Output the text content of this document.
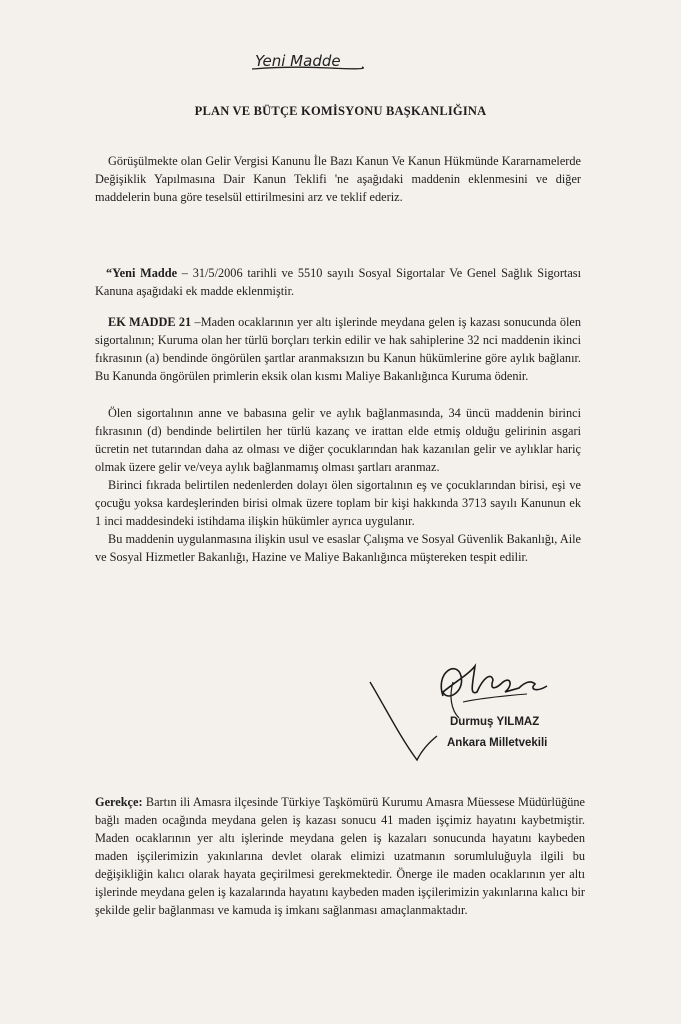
Yeni Madde
PLAN VE BÜTÇE KOMİSYONU BAŞKANLIĞINA

Görüşülmekte olan Gelir Vergisi Kanunu İle Bazı Kanun Ve Kanun Hükmünde Kararnamelerde Değişiklik Yapılmasına Dair Kanun Teklifi 'ne aşağıdaki maddenin eklenmesini ve diğer maddelerin buna göre teselsül ettirilmesini arz ve teklif ederiz.

“Yeni Madde – 31/5/2006 tarihli ve 5510 sayılı Sosyal Sigortalar Ve Genel Sağlık Sigortası Kanuna aşağıdaki ek madde eklenmiştir.

EK MADDE 21 –Maden ocaklarının yer altı işlerinde meydana gelen iş kazası sonucunda ölen sigortalının; Kuruma olan her türlü borçları terkin edilir ve hak sahiplerine 32 nci maddenin ikinci fıkrasının (a) bendinde öngörülen şartlar aranmaksızın bu Kanun hükümlerine göre aylık bağlanır. Bu Kanunda öngörülen primlerin eksik olan kısmı Maliye Bakanlığınca Kuruma ödenir.

Ölen sigortalının anne ve babasına gelir ve aylık bağlanmasında, 34 üncü maddenin birinci fıkrasının (d) bendinde belirtilen her türlü kazanç ve irattan elde etmiş olduğu gelirinin asgari ücretin net tutarından daha az olması ve diğer çocuklarından hak kazanılan gelir ve aylıklar hariç olmak üzere gelir ve/veya aylık bağlanmamış olması şartları aranmaz.

Birinci fıkrada belirtilen nedenlerden dolayı ölen sigortalının eş ve çocuklarından birisi, eşi ve çocuğu yoksa kardeşlerinden birisi olmak üzere toplam bir kişi hakkında 3713 sayılı Kanunun ek 1 inci maddesindeki istihdama ilişkin hükümler ayrıca uygulanır.

Bu maddenin uygulanmasına ilişkin usul ve esaslar Çalışma ve Sosyal Güvenlik Bakanlığı, Aile ve Sosyal Hizmetler Bakanlığı, Hazine ve Maliye Bakanlığınca müştereken tespit edilir.

Durmuş YILMAZ
Ankara Milletvekili

Gerekçe: Bartın ili Amasra ilçesinde Türkiye Taşkömürü Kurumu Amasra Müessese Müdürlüğüne bağlı maden ocağında meydana gelen iş kazası sonucu 41 maden işçimiz hayatını kaybetmiştir. Maden ocaklarının yer altı işlerinde meydana gelen iş kazaları sonucunda hayatını kaybeden maden işçilerimizin yakınlarına devlet olarak elimizi uzatmanın sorumluluğuyla ilgili bu değişikliğin kalıcı olarak hayata geçirilmesi gerekmektedir. Önerge ile maden ocaklarının yer altı işlerinde meydana gelen iş kazalarında hayatını kaybeden maden işçilerimizin yakınlarına kalıcı bir şekilde gelir bağlanması ve kamuda iş imkanı sağlanması amaçlanmaktadır.
